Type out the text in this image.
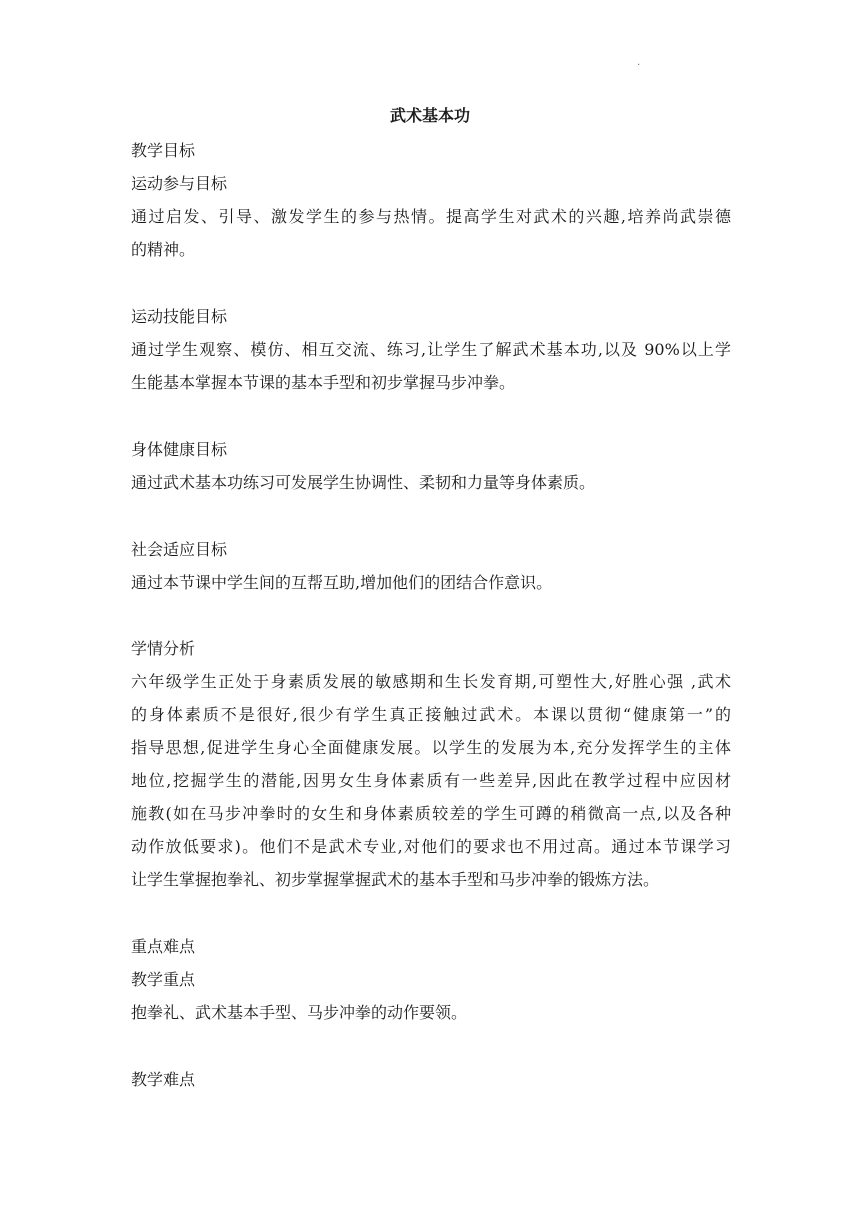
.
武术基本功
教学目标
运动参与目标
通过启发、引导、激发学生的参与热情。提高学生对武术的兴趣,培养尚武崇德
的精神。
运动技能目标
通过学生观察、模仿、相互交流、练习,让学生了解武术基本功,以及 90%以上学
生能基本掌握本节课的基本手型和初步掌握马步冲拳。
身体健康目标
通过武术基本功练习可发展学生协调性、柔韧和力量等身体素质。
社会适应目标
通过本节课中学生间的互帮互助,增加他们的团结合作意识。
学情分析
六年级学生正处于身素质发展的敏感期和生长发育期,可塑性大,好胜心强 ,武术
的身体素质不是很好,很少有学生真正接触过武术。本课以贯彻“健康第一”的
指导思想,促进学生身心全面健康发展。以学生的发展为本,充分发挥学生的主体
地位,挖掘学生的潜能,因男女生身体素质有一些差异,因此在教学过程中应因材
施教(如在马步冲拳时的女生和身体素质较差的学生可蹲的稍微高一点,以及各种
动作放低要求)。他们不是武术专业,对他们的要求也不用过高。通过本节课学习
让学生掌握抱拳礼、初步掌握掌握武术的基本手型和马步冲拳的锻炼方法。
重点难点
教学重点
抱拳礼、武术基本手型、马步冲拳的动作要领。
教学难点
